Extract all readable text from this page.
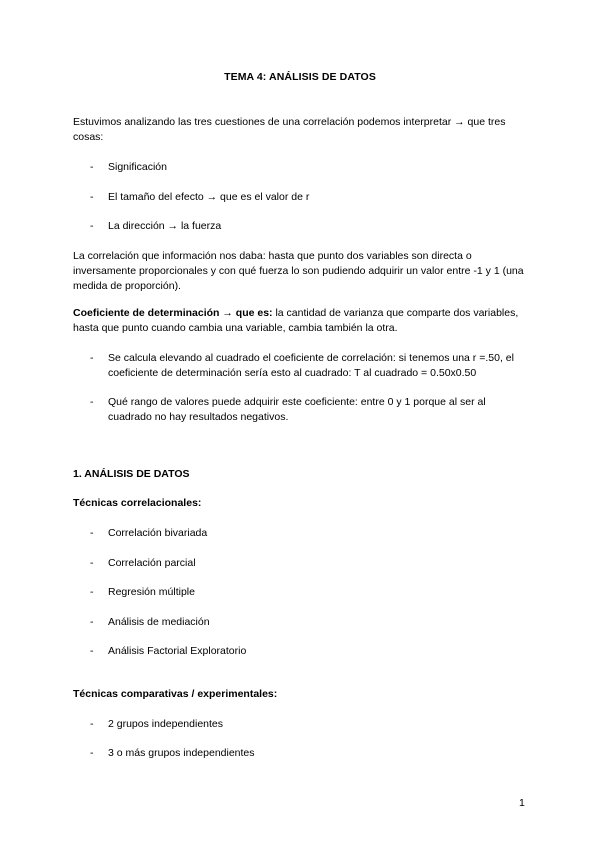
TEMA 4: ANÁLISIS DE DATOS
Estuvimos analizando las tres cuestiones de una correlación podemos interpretar → que tres cosas:
- Significación
- El tamaño del efecto → que es el valor de r
- La dirección → la fuerza
La correlación que información nos daba: hasta que punto dos variables son directa o inversamente proporcionales y con qué fuerza lo son pudiendo adquirir un valor entre -1 y 1 (una medida de proporción).
Coeficiente de determinación → que es: la cantidad de varianza que comparte dos variables, hasta que punto cuando cambia una variable, cambia también la otra.
- Se calcula elevando al cuadrado el coeficiente de correlación: si tenemos una r =.50, el coeficiente de determinación sería esto al cuadrado: T al cuadrado = 0.50x0.50
- Qué rango de valores puede adquirir este coeficiente: entre 0 y 1 porque al ser al cuadrado no hay resultados negativos.
1. ANÁLISIS DE DATOS
Técnicas correlacionales:
- Correlación bivariada
- Correlación parcial
- Regresión múltiple
- Análisis de mediación
- Análisis Factorial Exploratorio
Técnicas comparativas / experimentales:
- 2 grupos independientes
- 3 o más grupos independientes
1
